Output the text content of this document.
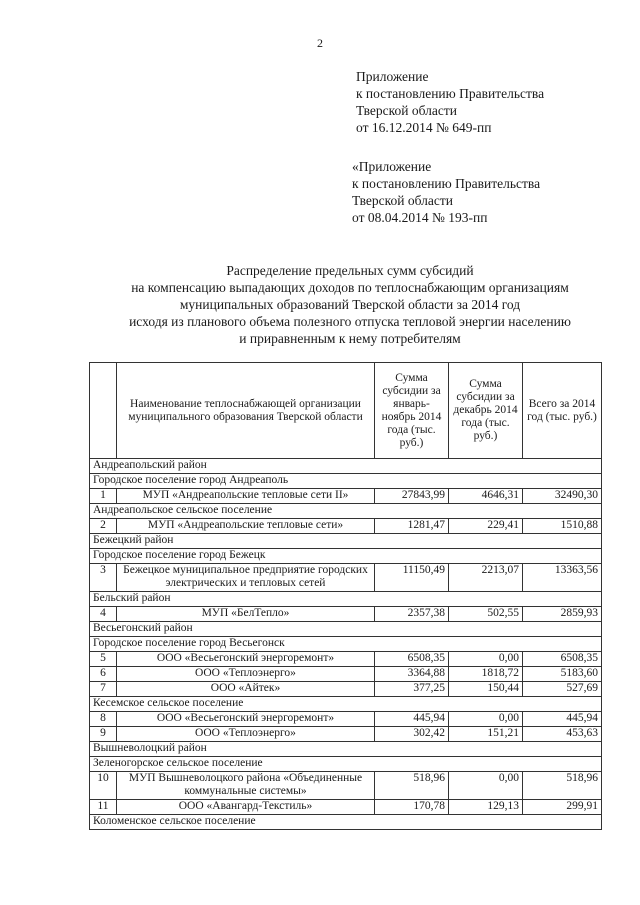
2
Приложение
к постановлению Правительства
Тверской области
от 16.12.2014 № 649-пп
«Приложение
к постановлению Правительства
Тверской области
от 08.04.2014 № 193-пп
Распределение предельных сумм субсидий
на компенсацию выпадающих доходов по теплоснабжающим организациям
муниципальных образований Тверской области за 2014 год
исходя из планового объема полезного отпуска тепловой энергии населению
и приравненным к нему потребителям
	Наименование теплоснабжающей организации муниципального образования Тверской области	Сумма субсидии за январь-ноябрь 2014 года (тыс. руб.)	Сумма субсидии за декабрь 2014 года (тыс. руб.)	Всего за 2014 год (тыс. руб.)
Андреапольский район				
Городское поселение город Андреаполь				
1	МУП «Андреапольские тепловые сети II»	27843,99	4646,31	32490,30
Андреапольское сельское поселение				
2	МУП «Андреапольские тепловые сети»	1281,47	229,41	1510,88
Бежецкий район				
Городское поселение город Бежецк				
3	Бежецкое муниципальное предприятие городских электрических и тепловых сетей	11150,49	2213,07	13363,56
Бельский район				
4	МУП «БелТепло»	2357,38	502,55	2859,93
Весьегонский район				
Городское поселение город Весьегонск				
5	ООО «Весьегонский энергоремонт»	6508,35	0,00	6508,35
6	ООО «Теплоэнерго»	3364,88	1818,72	5183,60
7	ООО «Айтек»	377,25	150,44	527,69
Кесемское сельское поселение				
8	ООО «Весьегонский энергоремонт»	445,94	0,00	445,94
9	ООО «Теплоэнерго»	302,42	151,21	453,63
Вышневолоцкий район				
Зеленогорское сельское поселение				
10	МУП Вышневолоцкого района «Объединенные коммунальные системы»	518,96	0,00	518,96
11	ООО «Авангард-Текстиль»	170,78	129,13	299,91
Коломенское сельское поселение				
